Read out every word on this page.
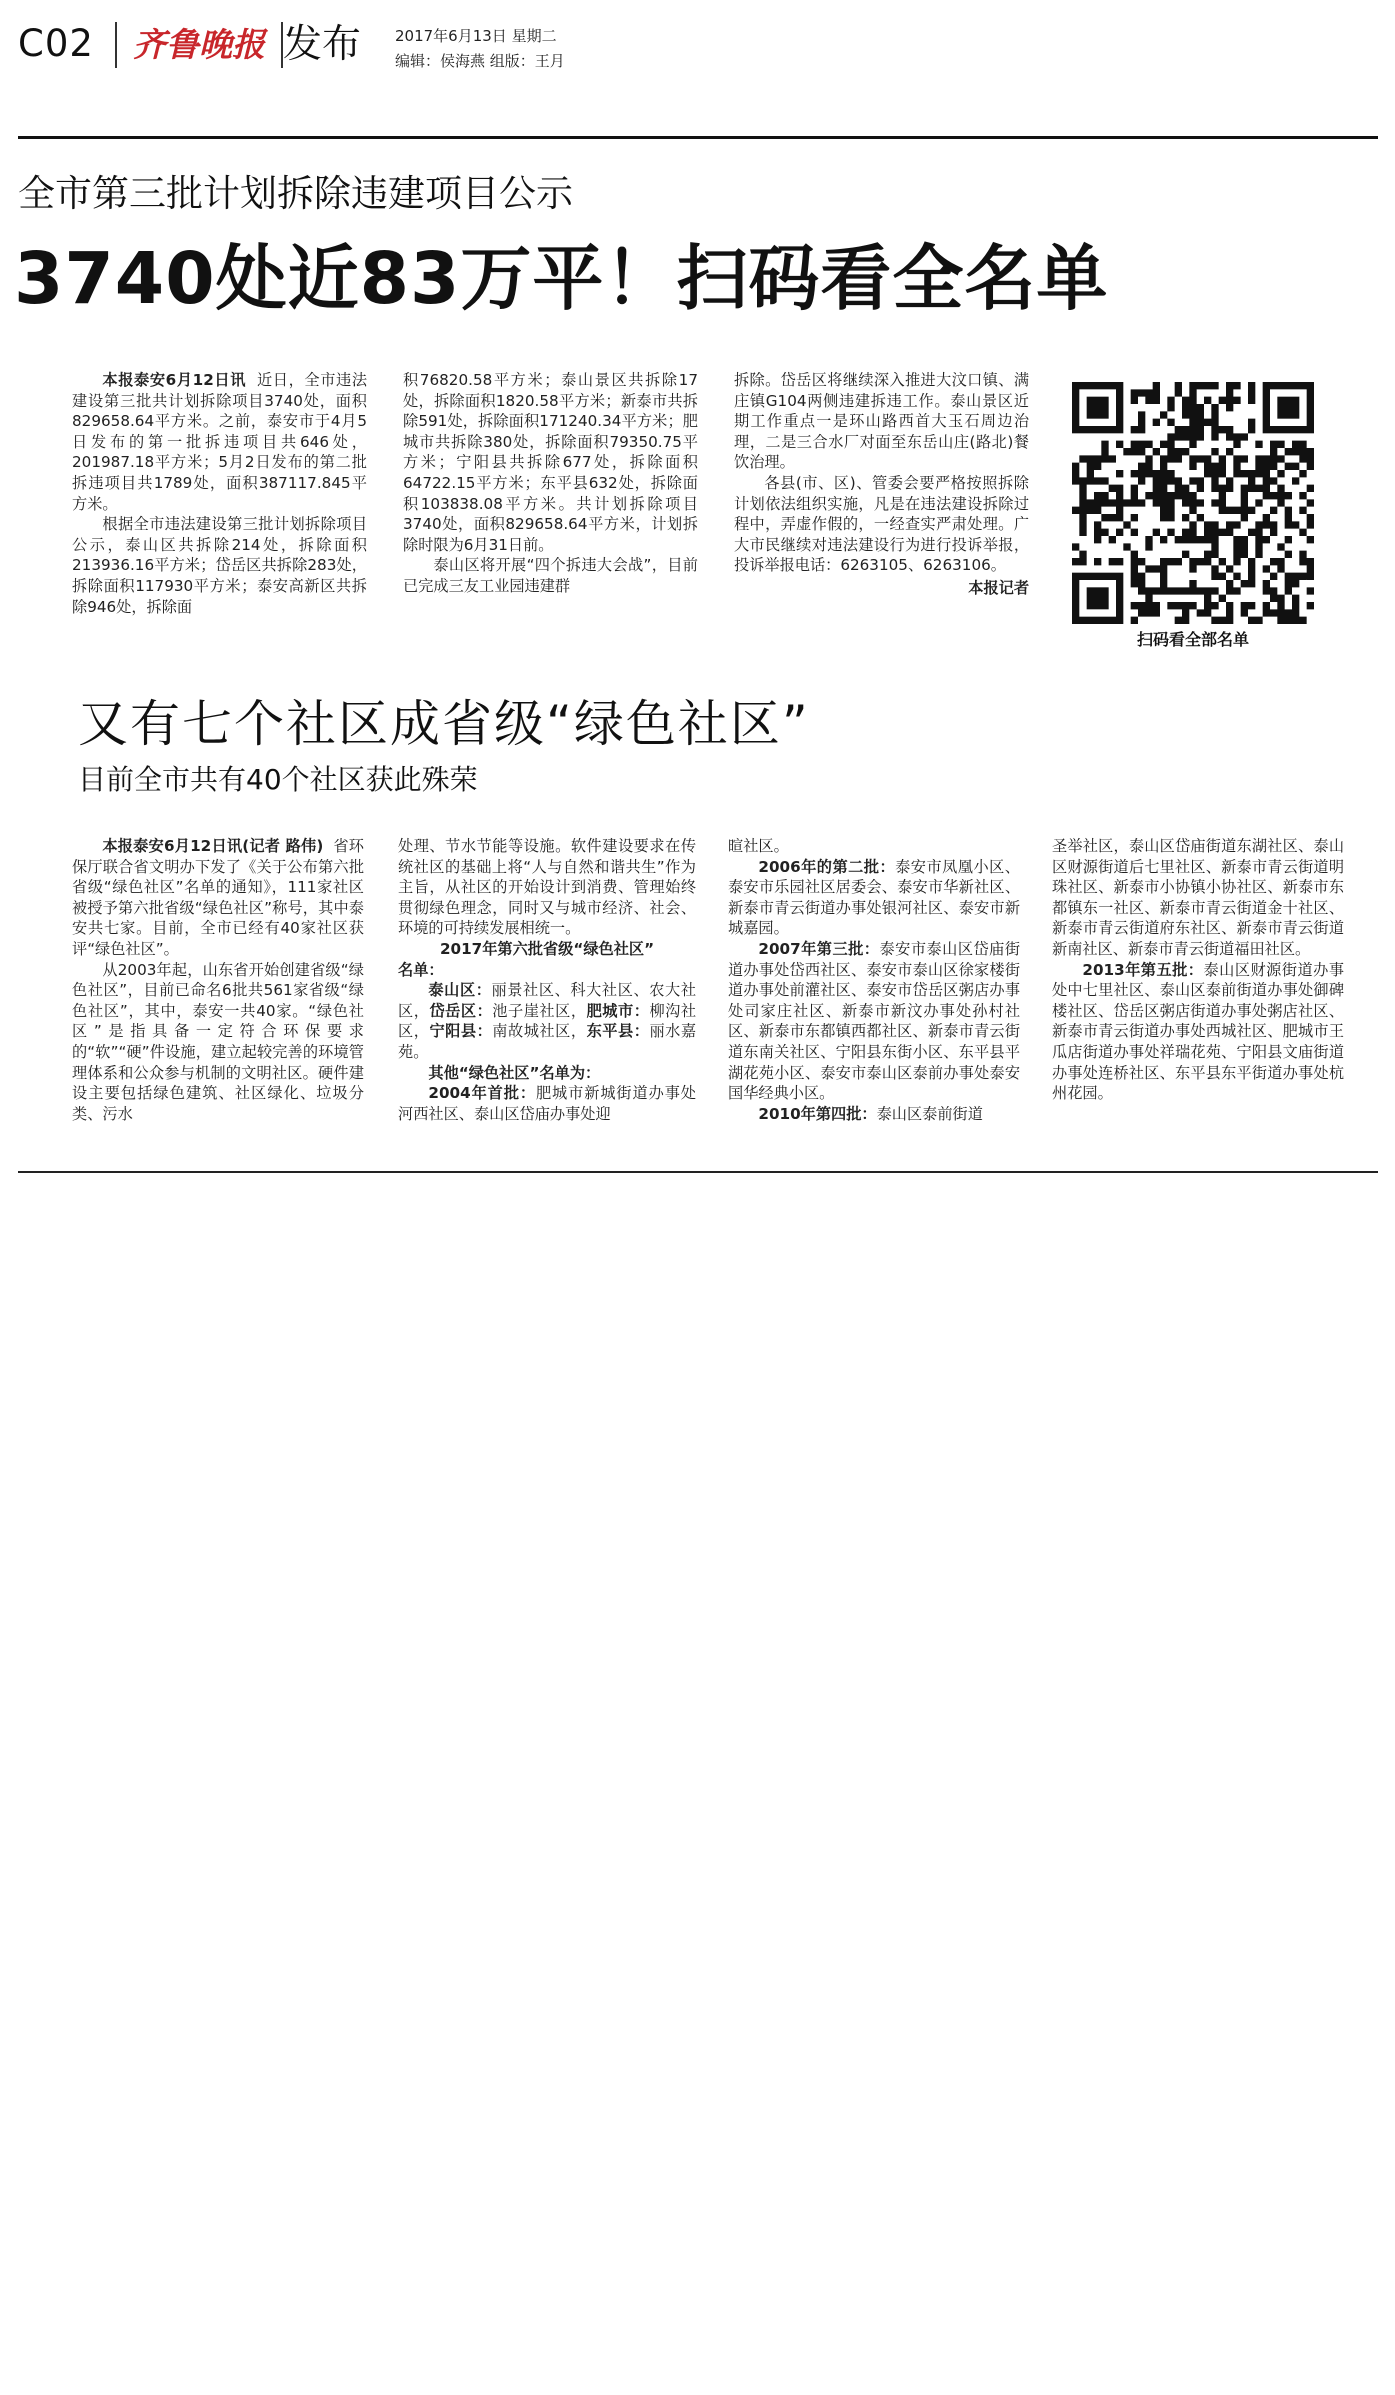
C02	齐鲁晚报 发布 2017年6月13日 星期二
编辑：侯海燕 组版：王月
全市第三批计划拆除违建项目公示
3740处近83万平！扫码看全名单

本报泰安6月12日讯 近日，全市违法建设第三批共计划拆除项目3740处，面积829658.64平方米。之前，泰安市于4月5日发布的第一批拆违项目共646处，201987.18平方米；5月2日发布的第二批拆违项目共1789处，面积387117.845平方米。

根据全市违法建设第三批计划拆除项目公示，泰山区共拆除214处，拆除面积213936.16平方米；岱岳区共拆除283处，拆除面积117930平方米；泰安高新区共拆除946处，拆除面

积76820.58平方米；泰山景区共拆除17处，拆除面积1820.58平方米；新泰市共拆除591处，拆除面积171240.34平方米；肥城市共拆除380处，拆除面积79350.75平方米；宁阳县共拆除677处，拆除面积64722.15平方米；东平县632处，拆除面积103838.08平方米。共计划拆除项目3740处，面积829658.64平方米，计划拆除时限为6月31日前。

泰山区将开展“四个拆违大会战”，目前已完成三友工业园违建群

拆除。岱岳区将继续深入推进大汶口镇、满庄镇G104两侧违建拆违工作。泰山景区近期工作重点一是环山路西首大玉石周边治理，二是三合水厂对面至东岳山庄(路北)餐饮治理。

各县(市、区)、管委会要严格按照拆除计划依法组织实施，凡是在违法建设拆除过程中，弄虚作假的，一经查实严肃处理。广大市民继续对违法建设行为进行投诉举报，投诉举报电话：6263105、6263106。

本报记者
扫码看全部名单
又有七个社区成省级“绿色社区”
目前全市共有40个社区获此殊荣

本报泰安6月12日讯(记者 路伟) 省环保厅联合省文明办下发了《关于公布第六批省级“绿色社区”名单的通知》，111家社区被授予第六批省级“绿色社区”称号，其中泰安共七家。目前，全市已经有40家社区获评“绿色社区”。

从2003年起，山东省开始创建省级“绿色社区”，目前已命名6批共561家省级“绿色社区”，其中，泰安一共40家。“绿色社区”是指具备一定符合环保要求的“软”“硬”件设施，建立起较完善的环境管理体系和公众参与机制的文明社区。硬件建设主要包括绿色建筑、社区绿化、垃圾分类、污水

处理、节水节能等设施。软件建设要求在传统社区的基础上将“人与自然和谐共生”作为主旨，从社区的开始设计到消费、管理始终贯彻绿色理念，同时又与城市经济、社会、环境的可持续发展相统一。

2017年第六批省级“绿色社区”

名单：

泰山区：丽景社区、科大社区、农大社区，岱岳区：池子崖社区，肥城市：柳沟社区，宁阳县：南故城社区，东平县：丽水嘉苑。

其他“绿色社区”名单为：

2004年首批：肥城市新城街道办事处河西社区、泰山区岱庙办事处迎

暄社区。

2006年的第二批：泰安市凤凰小区、泰安市乐园社区居委会、泰安市华新社区、新泰市青云街道办事处银河社区、泰安市新城嘉园。

2007年第三批：泰安市泰山区岱庙街道办事处岱西社区、泰安市泰山区徐家楼街道办事处前灌社区、泰安市岱岳区粥店办事处司家庄社区、新泰市新汶办事处孙村社区、新泰市东都镇西都社区、新泰市青云街道东南关社区、宁阳县东街小区、东平县平湖花苑小区、泰安市泰山区泰前办事处泰安国华经典小区。

2010年第四批：泰山区泰前街道

圣举社区，泰山区岱庙街道东湖社区、泰山区财源街道后七里社区、新泰市青云街道明珠社区、新泰市小协镇小协社区、新泰市东都镇东一社区、新泰市青云街道金十社区、新泰市青云街道府东社区、新泰市青云街道新南社区、新泰市青云街道福田社区。

2013年第五批：泰山区财源街道办事处中七里社区、泰山区泰前街道办事处御碑楼社区、岱岳区粥店街道办事处粥店社区、新泰市青云街道办事处西城社区、肥城市王瓜店街道办事处祥瑞花苑、宁阳县文庙街道办事处连桥社区、东平县东平街道办事处杭州花园。
